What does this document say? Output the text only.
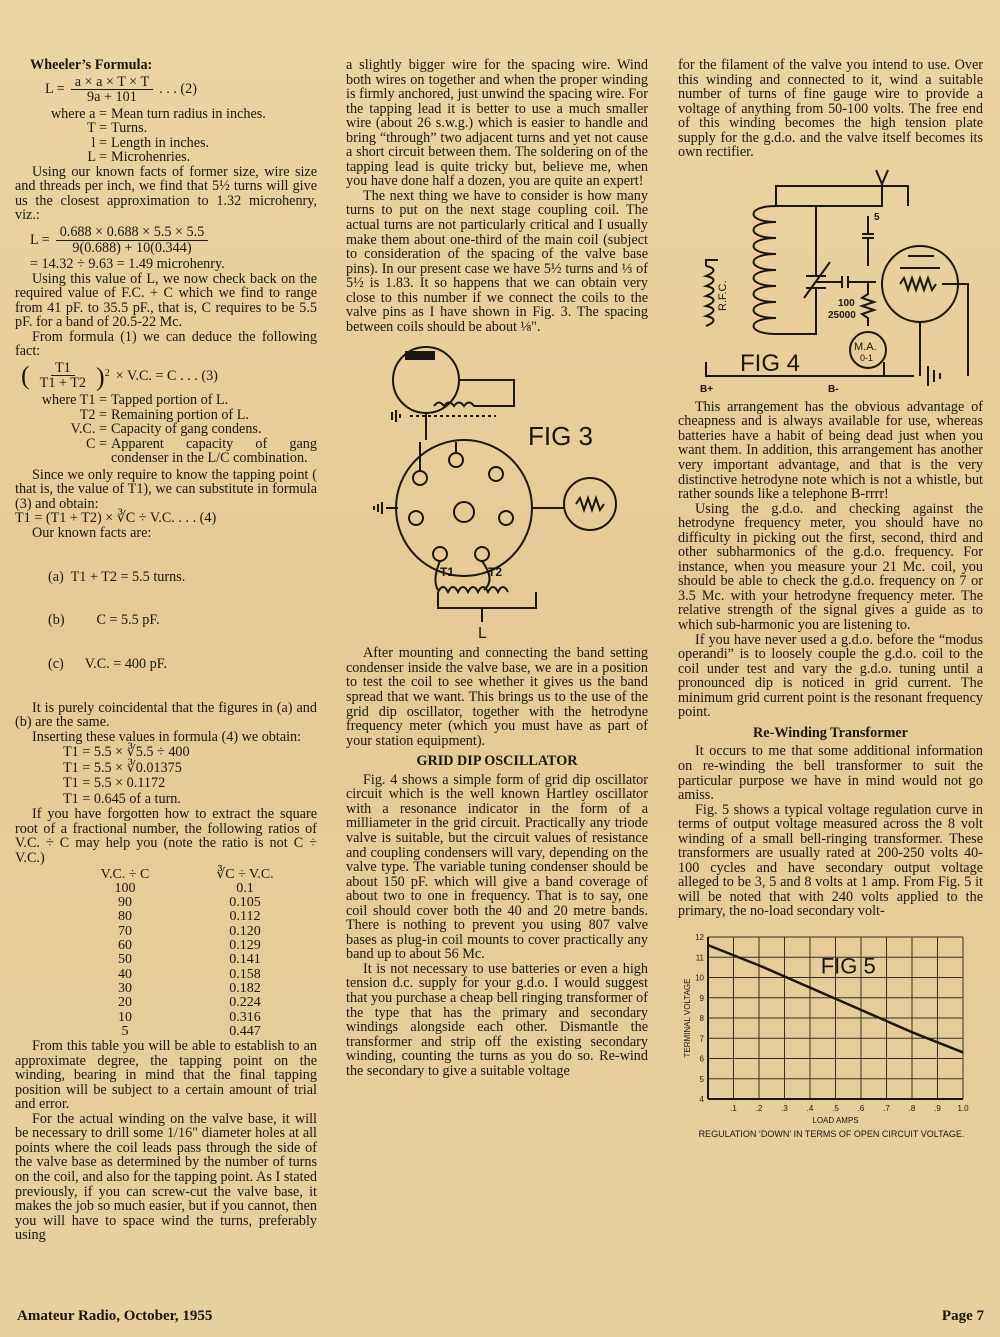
Wheeler’s Formula:
$L = \frac{a \times a \times T \times T}{9a + 101}$ . . . (2)
where a = Mean turn radius in inches.
T = Turns.
l = Length in inches.
L = Microhenries.

Using our known facts of former size, wire size and threads per inch, we find that 5½ turns will give us the closest approximation to 1.32 microhenry, viz.:

$L = \frac{0.688 \times 0.688 \times 5.5 \times 5.5}{9(0.688) + 10(0.344)}$

= 14.32 ÷ 9.63 = 1.49 microhenry.

Using this value of L, we now check back on the required value of F.C. + C which we find to range from 41 pF. to 35.5 pF., that is, C requires to be 5.5 pF. for a band of 20.5-22 Mc.

From formula (1) we can deduce the following fact:

( $\frac{T1}{T1 + T2} )^2 \times V.C$. = C . . . (3)
where T1 = Tapped portion of L.
T2 = Remaining portion of L.
V.C. = Capacity of gang condens.
C = Apparent capacity of gang condenser in the L/C combination.

Since we only require to know the tapping point ( that is, the value of T1), we can substitute in formula (3) and obtain:

T1 = (T1 + T2) × ∛C ÷ V.C. . . . (4)

Our known facts are:

(a)  T1 + T2 = 5.5 turns.

(b)         C = 5.5 pF.

(c)      V.C. = 400 pF.

It is purely coincidental that the figures in (a) and (b) are the same.

Inserting these values in formula (4) we obtain:

T1 = 5.5 × ∛5.5 ÷ 400
T1 = 5.5 × ∛0.01375
T1 = 5.5 × 0.1172
T1 = 0.645 of a turn.

If you have forgotten how to extract the square root of a fractional number, the following ratios of V.C. ÷ C may help you (note the ratio is not C ÷ V.C.)

V.C. ÷ C	∛C ÷ V.C.
100	0.1
90	0.105
80	0.112
70	0.120
60	0.129
50	0.141
40	0.158
30	0.182
20	0.224
10	0.316
5	0.447

From this table you will be able to establish to an approximate degree, the tapping point on the winding, bearing in mind that the final tapping position will be subject to a certain amount of trial and error.

For the actual winding on the valve base, it will be necessary to drill some 1/16" diameter holes at all points where the coil leads pass through the side of the valve base as determined by the number of turns on the coil, and also for the tapping point. As I stated previously, if you can screw-cut the valve base, it makes the job so much easier, but if you cannot, then you will have to space wind the turns, preferably using

a slightly bigger wire for the spacing wire. Wind both wires on together and when the proper winding is firmly anchored, just unwind the spacing wire. For the tapping lead it is better to use a much smaller wire (about 26 s.w.g.) which is easier to handle and bring “through” two adjacent turns and yet not cause a short circuit between them. The soldering on of the tapping lead is quite tricky but, believe me, when you have done half a dozen, you are quite an expert!

The next thing we have to consider is how many turns to put on the next stage coupling coil. The actual turns are not particularly critical and I usually make them about one-third of the main coil (subject to consideration of the spacing of the valve base pins). In our present case we have 5½ turns and ⅓ of 5½ is 1.83. It so happens that we can obtain very close to this number if we connect the coils to the valve pins as I have shown in Fig. 3. The spacing between coils should be about ⅛".

FIG 3
T1	T2
L

After mounting and connecting the band setting condenser inside the valve base, we are in a position to test the coil to see whether it gives us the band spread that we want. This brings us to the use of the grid dip oscillator, together with the hetrodyne frequency meter (which you must have as part of your station equipment).

GRID DIP OSCILLATOR

Fig. 4 shows a simple form of grid dip oscillator circuit which is the well known Hartley oscillator with a resonance indicator in the form of a milliameter in the grid circuit. Practically any triode valve is suitable, but the circuit values of resistance and coupling condensers will vary, depending on the valve type. The variable tuning condenser should be about 150 pF. which will give a band coverage of about two to one in frequency. That is to say, one coil should cover both the 40 and 20 metre bands. There is nothing to prevent you using 807 valve bases as plug-in coil mounts to cover practically any band up to about 56 Mc.

It is not necessary to use batteries or even a high tension d.c. supply for your g.d.o. I would suggest that you purchase a cheap bell ringing transformer of the type that has the primary and secondary windings alongside each other. Dismantle the transformer and strip off the existing secondary winding, counting the turns as you do so. Re-wind the secondary to give a suitable voltage

for the filament of the valve you intend to use. Over this winding and connected to it, wind a suitable number of turns of fine gauge wire to provide a voltage of anything from 50-100 volts. The free end of this winding becomes the high tension plate supply for the g.d.o. and the valve itself becomes its own rectifier.

R.F.C.
5
100
25000
M.A.
0-1
FIG 4
B+	B-

This arrangement has the obvious advantage of cheapness and is always available for use, whereas batteries have a habit of being dead just when you want them. In addition, this arrangement has another very important advantage, and that is the very distinctive hetrodyne note which is not a whistle, but rather sounds like a telephone B-rrrr!

Using the g.d.o. and checking against the hetrodyne frequency meter, you should have no difficulty in picking out the first, second, third and other subharmonics of the g.d.o. frequency. For instance, when you measure your 21 Mc. coil, you should be able to check the g.d.o. frequency on 7 or 3.5 Mc. with your hetrodyne frequency meter. The relative strength of the signal gives a guide as to which sub-harmonic you are listening to.

If you have never used a g.d.o. before the “modus operandi” is to loosely couple the g.d.o. coil to the coil under test and vary the g.d.o. tuning until a pronounced dip is noticed in grid current. The minimum grid current point is the resonant frequency point.

Re-Winding Transformer

It occurs to me that some additional information on re-winding the bell transformer to suit the particular purpose we have in mind would not go amiss.

Fig. 5 shows a typical voltage regulation curve in terms of output voltage measured across the 8 volt winding of a small bell-ringing transformer. These transformers are usually rated at 200-250 volts 40-100 cycles and have secondary output voltage alleged to be 3, 5 and 8 volts at 1 amp. From Fig. 5 it will be noted that with 240 volts applied to the primary, the no-load secondary volt-

.1 .2 .3 .4 .5 .6 .7 .8 .9 1.0
4
5
6
7
8
9
10
11
12
FIG 5
LOAD AMPS
TERMINAL VOLTAGE
REGULATION ‘DOWN’ IN TERMS OF OPEN CIRCUIT VOLTAGE.
Amateur Radio, October, 1955	Page 7
